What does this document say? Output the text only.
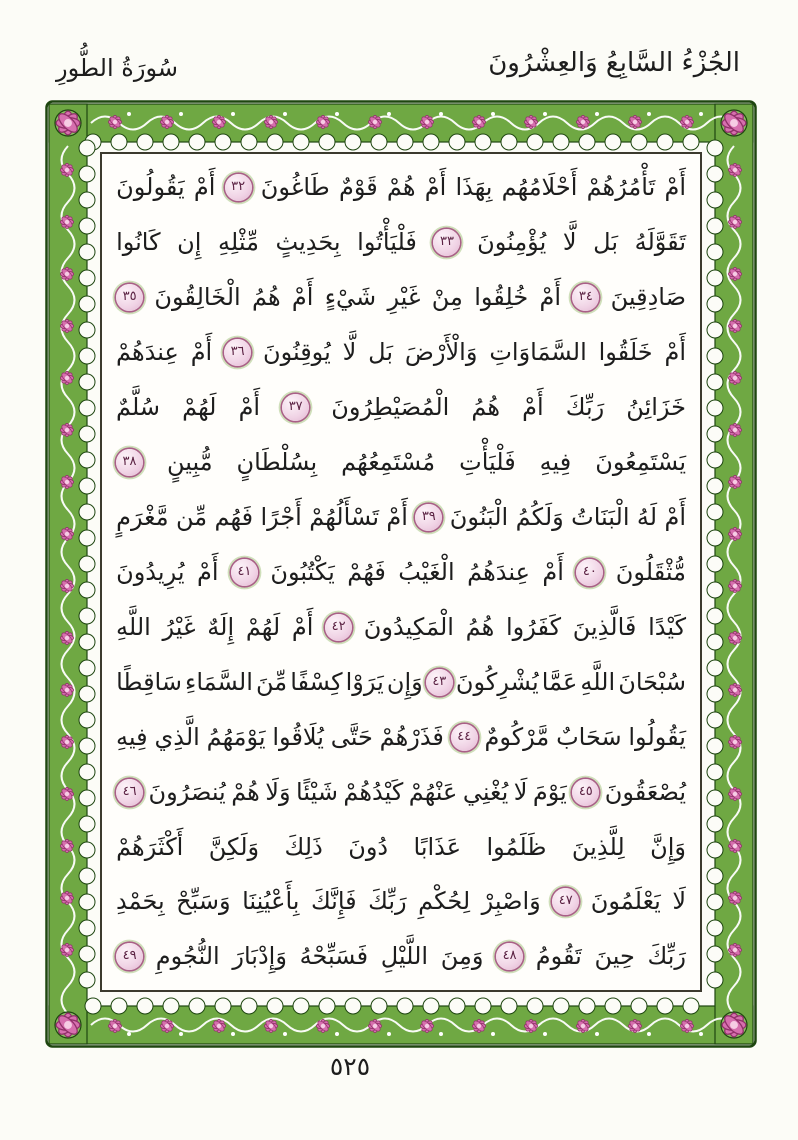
الجُزْءُ السَّابِعُ وَالعِشْرُونَ
سُورَةُ الطُّورِ
أَمْ
تَأْمُرُهُمْ
أَحْلَامُهُم
بِهَذَا
أَمْ
هُمْ
قَوْمٌ
طَاغُونَ
٣٢
أَمْ
يَقُولُونَ
تَقَوَّلَهُ
بَل
لَّا
يُؤْمِنُونَ
٣٣
فَلْيَأْتُوا
بِحَدِيثٍ
مِّثْلِهِ
إِن
كَانُوا
صَادِقِينَ
٣٤
أَمْ
خُلِقُوا
مِنْ
غَيْرِ
شَيْءٍ
أَمْ
هُمُ
الْخَالِقُونَ
٣٥
أَمْ
خَلَقُوا
السَّمَاوَاتِ
وَالْأَرْضَ
بَل
لَّا
يُوقِنُونَ
٣٦
أَمْ
عِندَهُمْ
خَزَائِنُ
رَبِّكَ
أَمْ
هُمُ
الْمُصَيْطِرُونَ
٣٧
أَمْ
لَهُمْ
سُلَّمٌ
يَسْتَمِعُونَ
فِيهِ
فَلْيَأْتِ
مُسْتَمِعُهُم
بِسُلْطَانٍ
مُّبِينٍ
٣٨
أَمْ
لَهُ
الْبَنَاتُ
وَلَكُمُ
الْبَنُونَ
٣٩
أَمْ
تَسْأَلُهُمْ
أَجْرًا
فَهُم
مِّن
مَّغْرَمٍ
مُّثْقَلُونَ
٤٠
أَمْ
عِندَهُمُ
الْغَيْبُ
فَهُمْ
يَكْتُبُونَ
٤١
أَمْ
يُرِيدُونَ
كَيْدًا
فَالَّذِينَ
كَفَرُوا
هُمُ
الْمَكِيدُونَ
٤٢
أَمْ
لَهُمْ
إِلَهٌ
غَيْرُ
اللَّهِ
سُبْحَانَ
اللَّهِ
عَمَّا
يُشْرِكُونَ
٤٣
وَإِن
يَرَوْا
كِسْفًا
مِّنَ
السَّمَاءِ
سَاقِطًا
يَقُولُوا
سَحَابٌ
مَّرْكُومٌ
٤٤
فَذَرْهُمْ
حَتَّى
يُلَاقُوا
يَوْمَهُمُ
الَّذِي
فِيهِ
يُصْعَقُونَ
٤٥
يَوْمَ
لَا
يُغْنِي
عَنْهُمْ
كَيْدُهُمْ
شَيْئًا
وَلَا
هُمْ
يُنصَرُونَ
٤٦
وَإِنَّ
لِلَّذِينَ
ظَلَمُوا
عَذَابًا
دُونَ
ذَلِكَ
وَلَكِنَّ
أَكْثَرَهُمْ
لَا
يَعْلَمُونَ
٤٧
وَاصْبِرْ
لِحُكْمِ
رَبِّكَ
فَإِنَّكَ
بِأَعْيُنِنَا
وَسَبِّحْ
بِحَمْدِ
رَبِّكَ
حِينَ
تَقُومُ
٤٨
وَمِنَ
اللَّيْلِ
فَسَبِّحْهُ
وَإِدْبَارَ
النُّجُومِ
٤٩
٥٢٥
